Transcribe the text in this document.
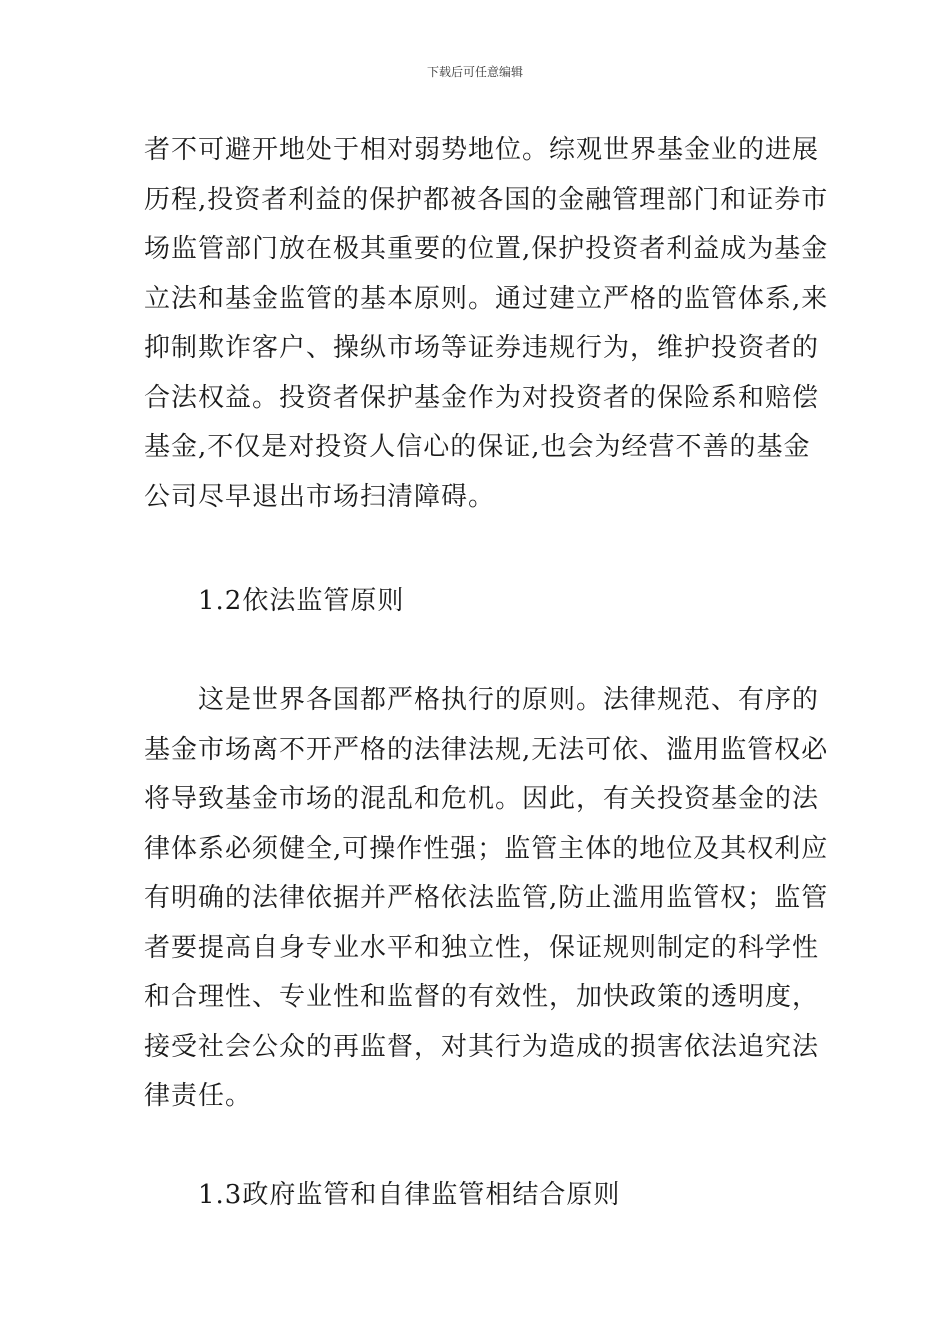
下载后可任意编辑
者不可避开地处于相对弱势地位。综观世界基金业的进展
历程,投资者利益的保护都被各国的金融管理部门和证券市
场监管部门放在极其重要的位置,保护投资者利益成为基金
立法和基金监管的基本原则。通过建立严格的监管体系,来
抑制欺诈客户、操纵市场等证券违规行为，维护投资者的
合法权益。投资者保护基金作为对投资者的保险系和赔偿
基金,不仅是对投资人信心的保证,也会为经营不善的基金
公司尽早退出市场扫清障碍。
1.2依法监管原则
这是世界各国都严格执行的原则。法律规范、有序的
基金市场离不开严格的法律法规,无法可依、滥用监管权必
将导致基金市场的混乱和危机。因此，有关投资基金的法
律体系必须健全,可操作性强；监管主体的地位及其权利应
有明确的法律依据并严格依法监管,防止滥用监管权；监管
者要提高自身专业水平和独立性，保证规则制定的科学性
和合理性、专业性和监督的有效性，加快政策的透明度，
接受社会公众的再监督，对其行为造成的损害依法追究法
律责任。
1.3政府监管和自律监管相结合原则
